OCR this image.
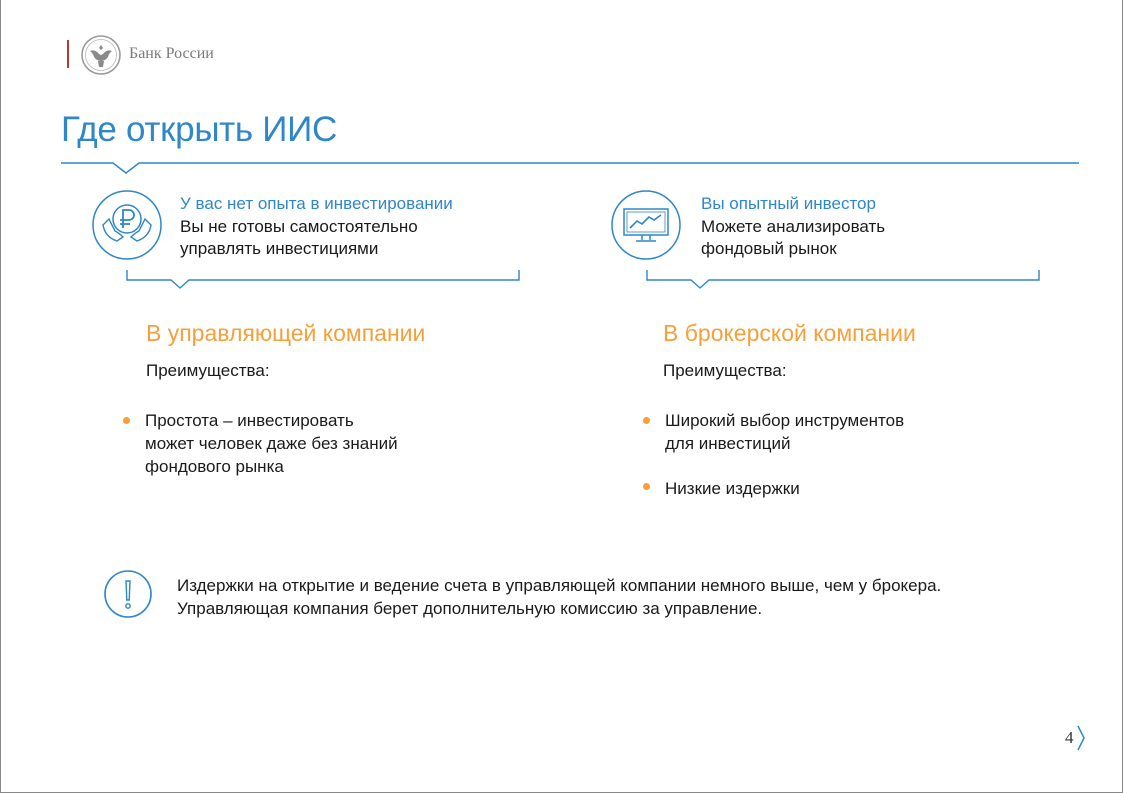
Банк России
Где открыть ИИС
У вас нет опыта в инвестировании
Вы не готовы самостоятельно
управлять инвестициями
Вы опытный инвестор
Можете анализировать
фондовый рынок
В управляющей компании
Преимущества:
Простота – инвестировать
может человек даже без знаний
фондового рынка
В брокерской компании
Преимущества:
Широкий выбор инструментов
для инвестиций
Низкие издержки
Издержки на открытие и ведение счета в управляющей компании немного выше, чем у брокера.
Управляющая компания берет дополнительную комиссию за управление.
4
